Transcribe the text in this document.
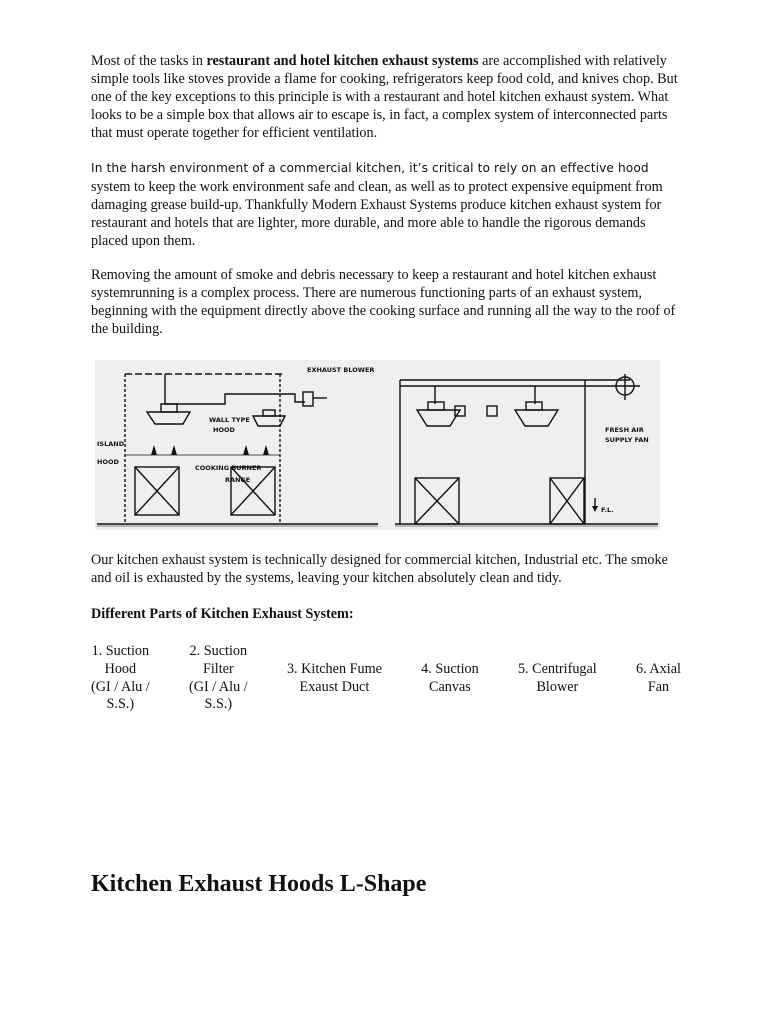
Most of the tasks in restaurant and hotel kitchen exhaust systems are accomplished with relatively simple tools like stoves provide a flame for cooking, refrigerators keep food cold, and knives chop. But one of the key exceptions to this principle is with a restaurant and hotel kitchen exhaust system. What looks to be a simple box that allows air to escape is, in fact, a complex system of interconnected parts that must operate together for efficient ventilation.

In the harsh environment of a commercial kitchen, it’s critical to rely on an effective hood system to keep the work environment safe and clean, as well as to protect expensive equipment from damaging grease build-up. Thankfully Modern Exhaust Systems produce kitchen exhaust system for restaurant and hotels that are lighter, more durable, and more able to handle the rigorous demands placed upon them.

Removing the amount of smoke and debris necessary to keep a restaurant and hotel kitchen exhaust systemrunning is a complex process. There are numerous functioning parts of an exhaust system, beginning with the equipment directly above the cooking surface and running all the way to the roof of the building.

EXHAUST BLOWER
WALL TYPE
HOOD
ISLAND
HOOD
COOKING BURNER
RANGE
FRESH AIR
SUPPLY FAN
F.L.

Our kitchen exhaust system is technically designed for commercial kitchen, Industrial etc. The smoke and oil is exhausted by the systems, leaving your kitchen absolutely clean and tidy.

Different Parts of Kitchen Exhaust System:

1. Suction
Hood
(GI / Alu /
S.S.)
2. Suction
Filter
(GI / Alu /
S.S.)
3. Kitchen Fume
Exaust Duct
4. Suction
Canvas
5. Centrifugal
Blower
6. Axial
Fan
Kitchen Exhaust Hoods L-Shape
